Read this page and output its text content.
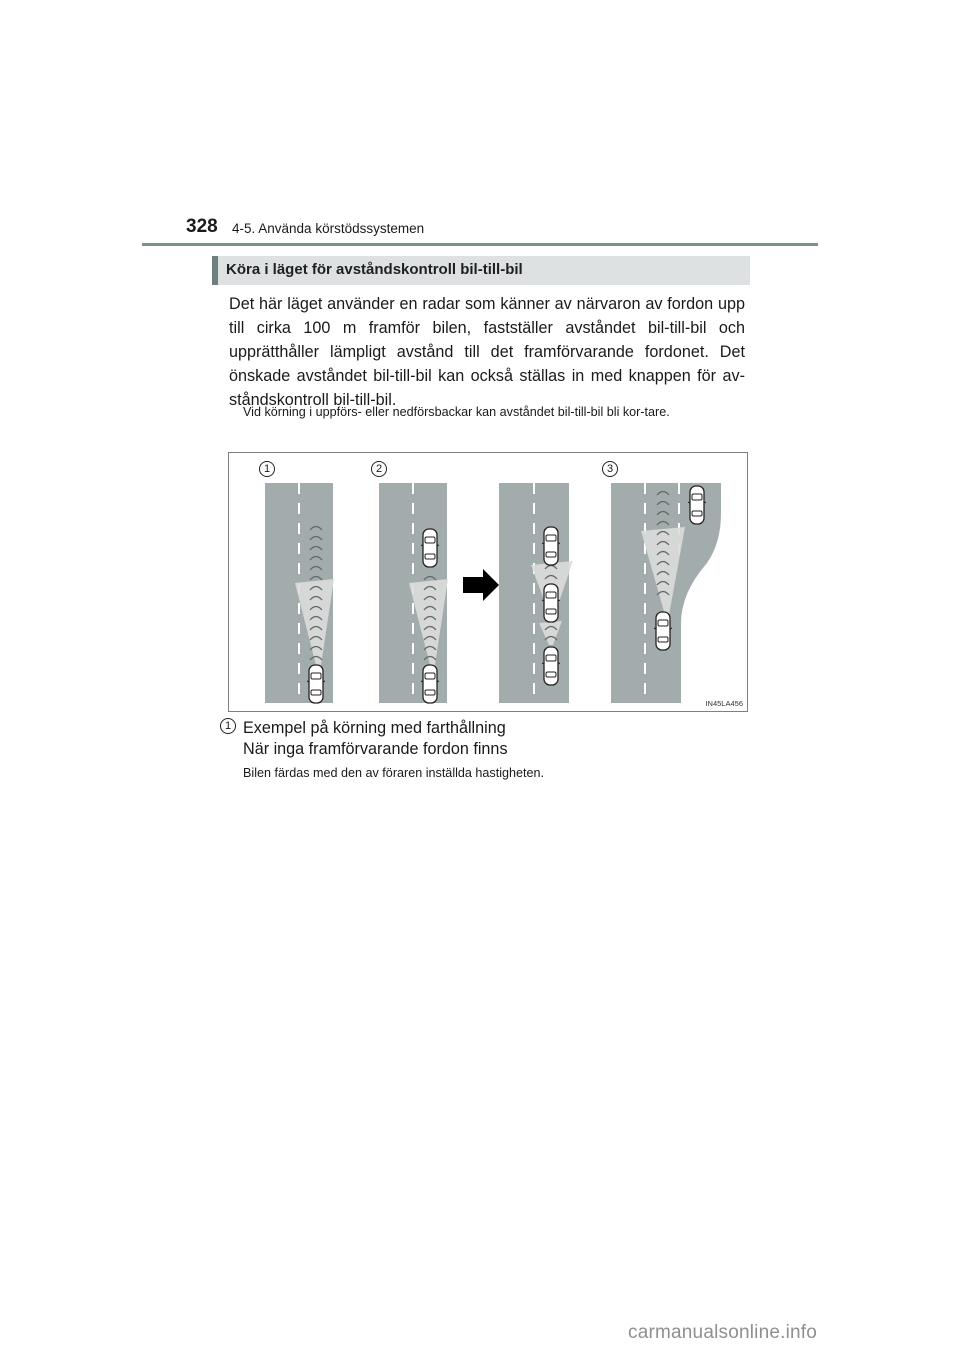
328 4-5. Använda körstödssystemen
Köra i läget för avståndskontroll bil-till-bil
Det här läget använder en radar som känner av närvaron av fordon upp till cirka 100 m framför bilen, fastställer avståndet bil-till-bil och upprätthåller lämpligt avstånd till det framförvarande fordonet. Det önskade avståndet bil-till-bil kan också ställas in med knappen för av-ståndskontroll bil-till-bil.
Vid körning i uppförs- eller nedförsbackar kan avståndet bil-till-bil bli kor-tare.
1	2	3
IN45LA456
1 Exempel på körning med farthållning
När inga framförvarande fordon finns
Bilen färdas med den av föraren inställda hastigheten.
carmanualsonline.info
